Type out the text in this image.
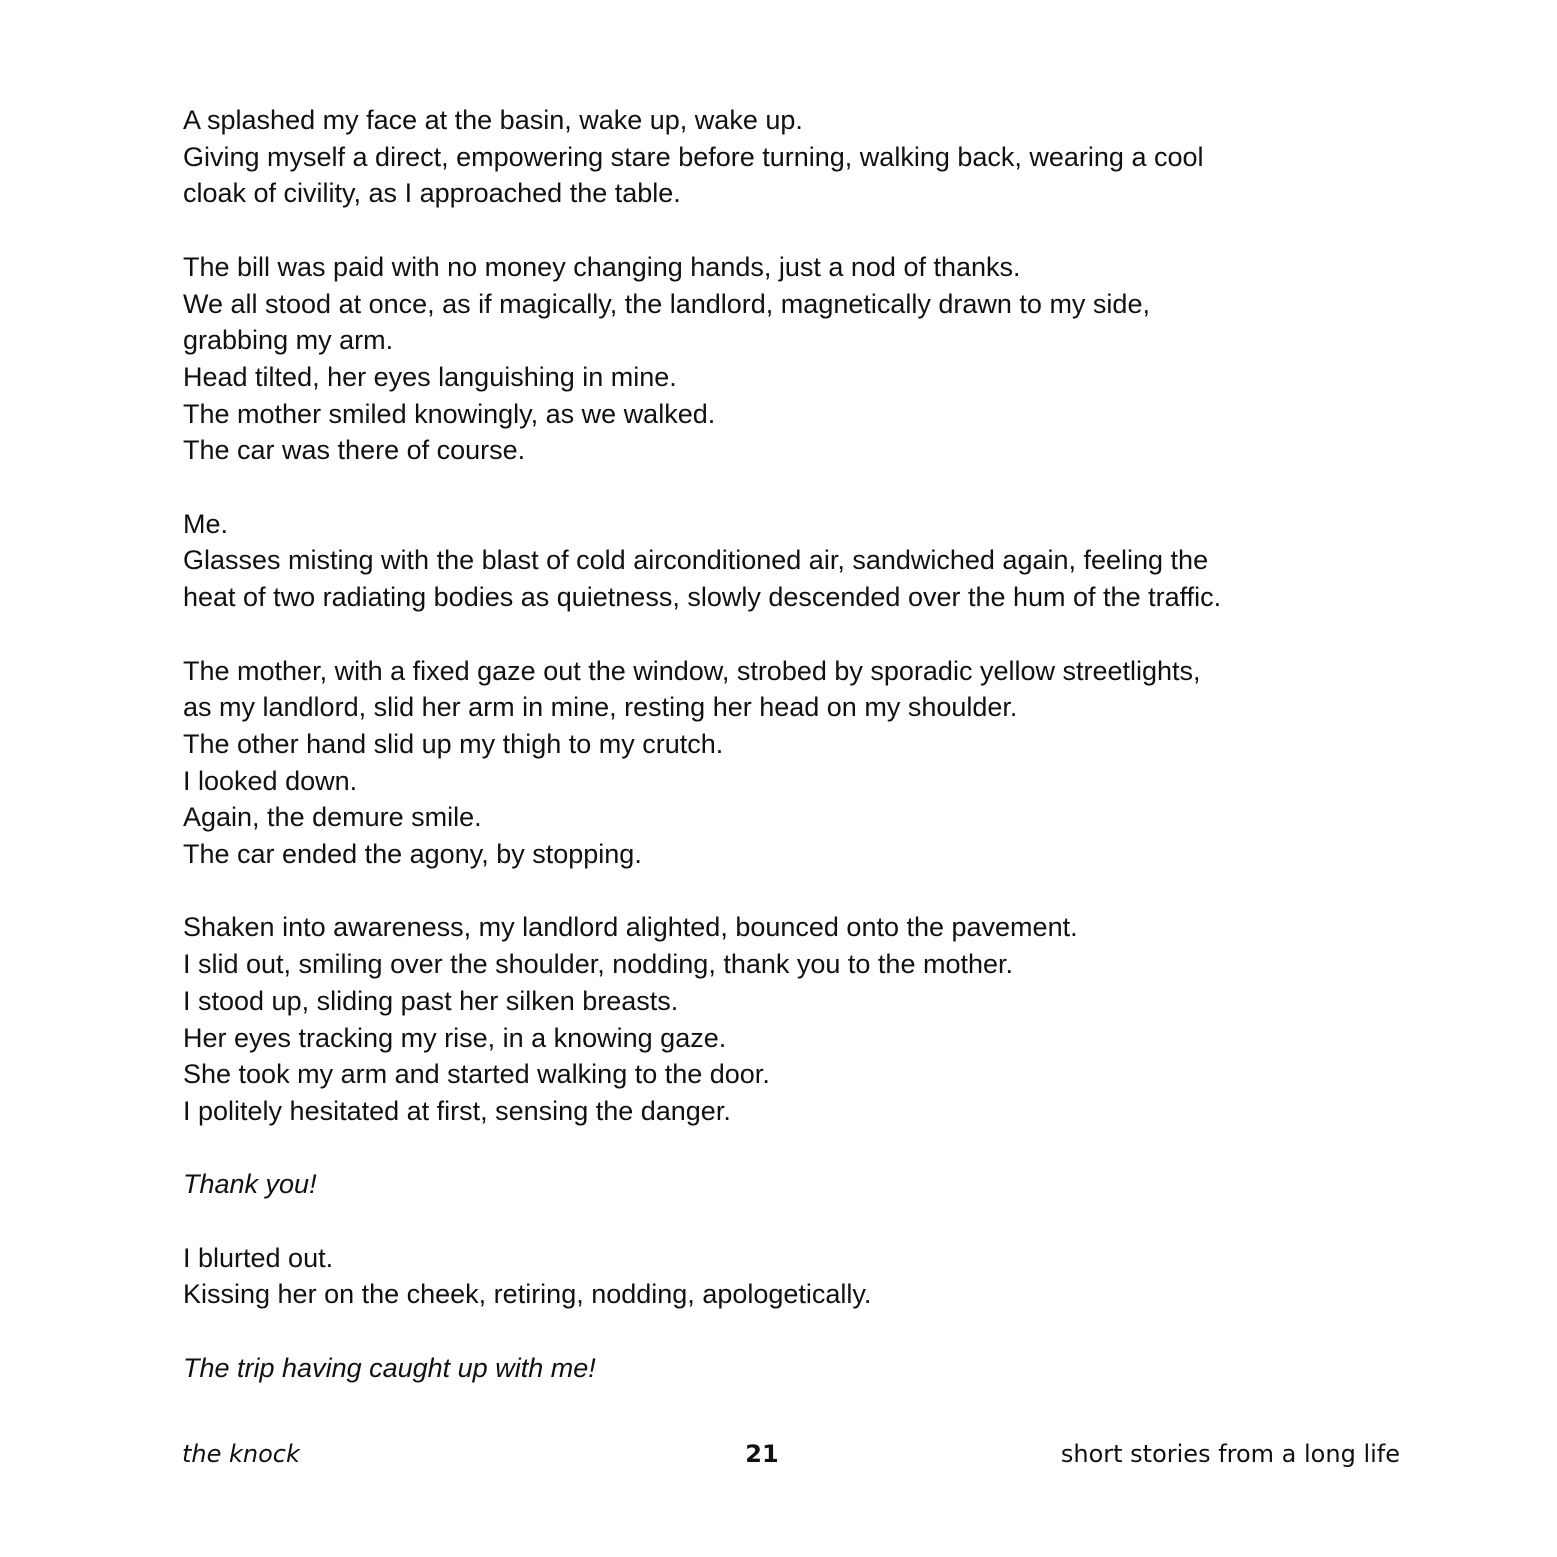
A splashed my face at the basin, wake up, wake up.
Giving myself a direct, empowering stare before turning, walking back, wearing a cool
cloak of civility, as I approached the table.

The bill was paid with no money changing hands, just a nod of thanks.
We all stood at once, as if magically, the landlord, magnetically drawn to my side,
grabbing my arm.
Head tilted, her eyes languishing in mine.
The mother smiled knowingly, as we walked.
The car was there of course.

Me.
Glasses misting with the blast of cold airconditioned air, sandwiched again, feeling the
heat of two radiating bodies as quietness, slowly descended over the hum of the traffic.

The mother, with a fixed gaze out the window, strobed by sporadic yellow streetlights,
as my landlord, slid her arm in mine, resting her head on my shoulder.
The other hand slid up my thigh to my crutch.
I looked down.
Again, the demure smile.
The car ended the agony, by stopping.

Shaken into awareness, my landlord alighted, bounced onto the pavement.
I slid out, smiling over the shoulder, nodding, thank you to the mother.
I stood up, sliding past her silken breasts.
Her eyes tracking my rise, in a knowing gaze.
She took my arm and started walking to the door.
I politely hesitated at first, sensing the danger.

Thank you!

I blurted out.
Kissing her on the cheek, retiring, nodding, apologetically.

The trip having caught up with me!

the knock	21	short stories from a long life
